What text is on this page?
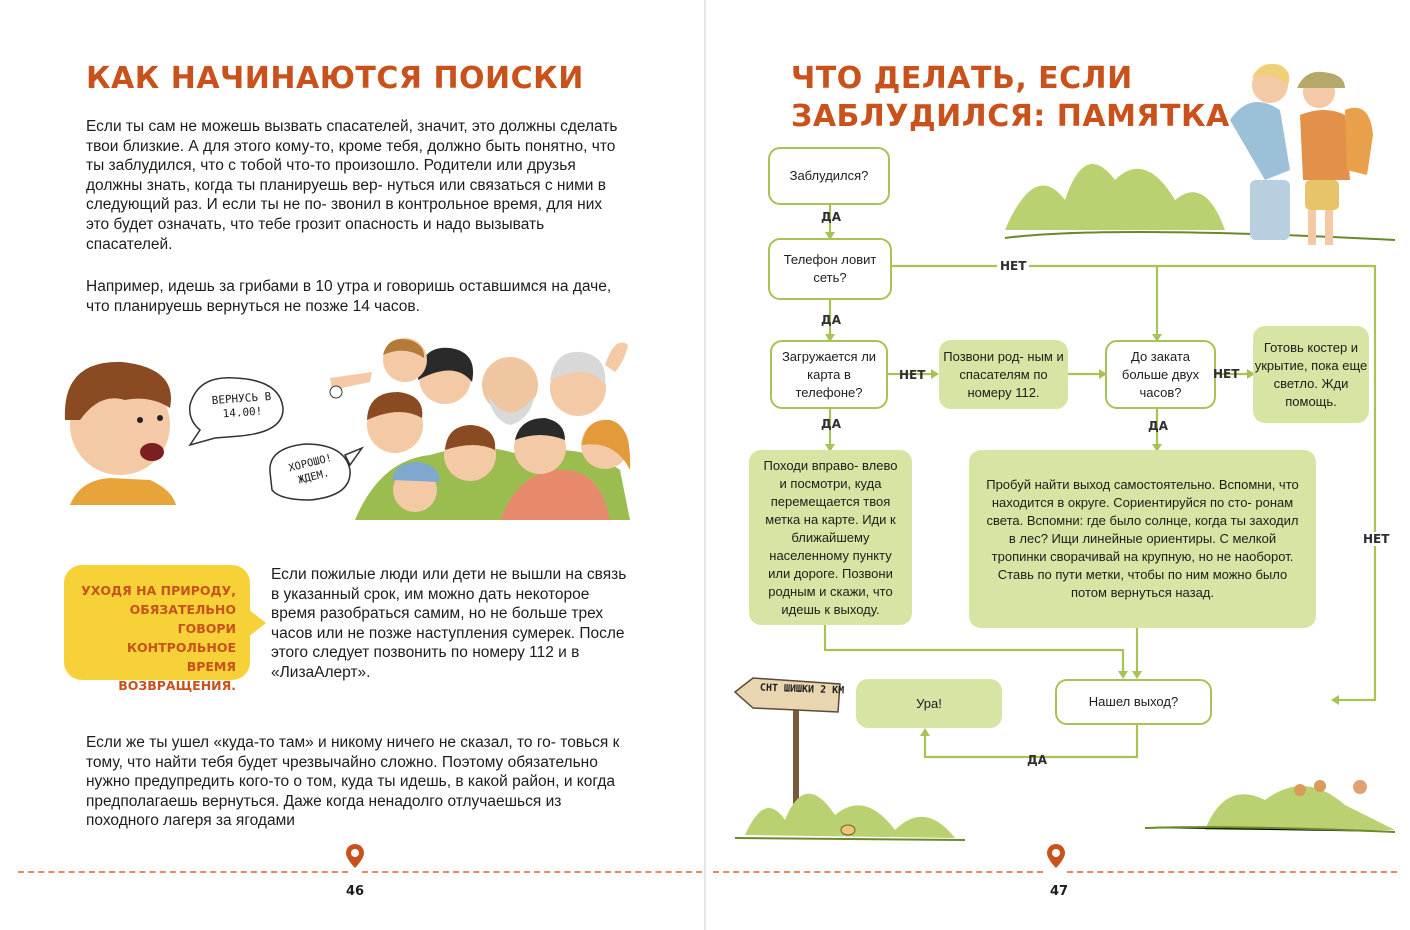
КАК НАЧИНАЮТСЯ ПОИСКИ

Если ты сам не можешь вызвать спасателей, значит, это должны сделать твои близкие. А для этого кому-то, кроме тебя, должно быть понятно, что ты заблудился, что с тобой что-то произошло. Родители или друзья должны знать, когда ты планируешь вер- нуться или связаться с ними в следующий раз. И если ты не по- звонил в контрольное время, для них это будет означать, что тебе грозит опасность и надо вызывать спасателей.

Например, идешь за грибами в 10 утра и говоришь оставшимся на даче, что планируешь вернуться не позже 14 часов.

ВЕРНУСЬ В 14.00!
ХОРОШО! ЖДЕМ.
УХОДЯ НА ПРИРОДУ, ОБЯЗАТЕЛЬНО ГОВОРИ КОНТРОЛЬНОЕ ВРЕМЯ ВОЗВРАЩЕНИЯ.

Если пожилые люди или дети не вышли на связь в указанный срок, им можно дать некоторое время разобраться самим, но не больше трех часов или не позже наступления сумерек. После этого следует позвонить по номеру 112 и в «ЛизаАлерт».

Если же ты ушел «куда-то там» и никому ничего не сказал, то го- товься к тому, что найти тебя будет чрезвычайно сложно. Поэтому обязательно нужно предупредить кого-то о том, куда ты идешь, в какой район, и когда предполагаешь вернуться. Даже когда ненадолго отлучаешься из походного лагеря за ягодами

46
ЧТО ДЕЛАТЬ, ЕСЛИ
ЗАБЛУДИЛСЯ: ПАМЯТКА
СНТ ШИШКИ 2 КМ
Заблудился?
Телефон ловит сеть?
Загружается ли карта в телефоне?
Позвони род- ным и спасателям по номеру 112.
До заката больше двух часов?
Готовь костер и укрытие, пока еще светло. Жди помощь.
Походи вправо- влево и посмотри, куда перемещается твоя метка на карте. Иди к ближайшему населенному пункту или дороге. Позвони родным и скажи, что идешь к выходу.
Пробуй найти выход самостоятельно. Вспомни, что находится в округе. Сориентируйся по сто- ронам света. Вспомни: где было солнце, когда ты заходил в лес? Ищи линейные ориентиры. С мелкой тропинки сворачивай на крупную, но не наоборот. Ставь по пути метки, чтобы по ним можно было потом вернуться назад.
Нашел выход?
Ура!
ДА
ДА
ДА	ДА
ДА
НЕТ
НЕТ	НЕТ
НЕТ
47
